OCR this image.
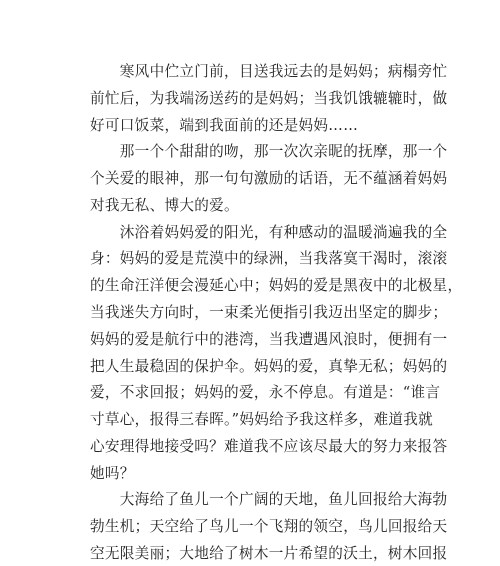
　　寒风中伫立门前，目送我远去的是妈妈；病榻旁忙
前忙后，为我端汤送药的是妈妈；当我饥饿辘辘时，做
好可口饭菜，端到我面前的还是妈妈……
　　那一个个甜甜的吻，那一次次亲昵的抚摩，那一个
个关爱的眼神，那一句句激励的话语，无不蕴涵着妈妈
对我无私、博大的爱。
　　沐浴着妈妈爱的阳光，有种感动的温暖淌遍我的全
身：妈妈的爱是荒漠中的绿洲，当我落寞干渴时，滚滚
的生命汪洋便会漫延心中；妈妈的爱是黑夜中的北极星，
当我迷失方向时，一束柔光便指引我迈出坚定的脚步；
妈妈的爱是航行中的港湾，当我遭遇风浪时，便拥有一
把人生最稳固的保护伞。妈妈的爱，真挚无私；妈妈的
爱，不求回报；妈妈的爱，永不停息。有道是：“谁言
寸草心，报得三春晖。”妈妈给予我这样多，难道我就
心安理得地接受吗？难道我不应该尽最大的努力来报答
她吗？
　　大海给了鱼儿一个广阔的天地，鱼儿回报给大海勃
勃生机；天空给了鸟儿一个飞翔的领空，鸟儿回报给天
空无限美丽；大地给了树木一片希望的沃土，树木回报
